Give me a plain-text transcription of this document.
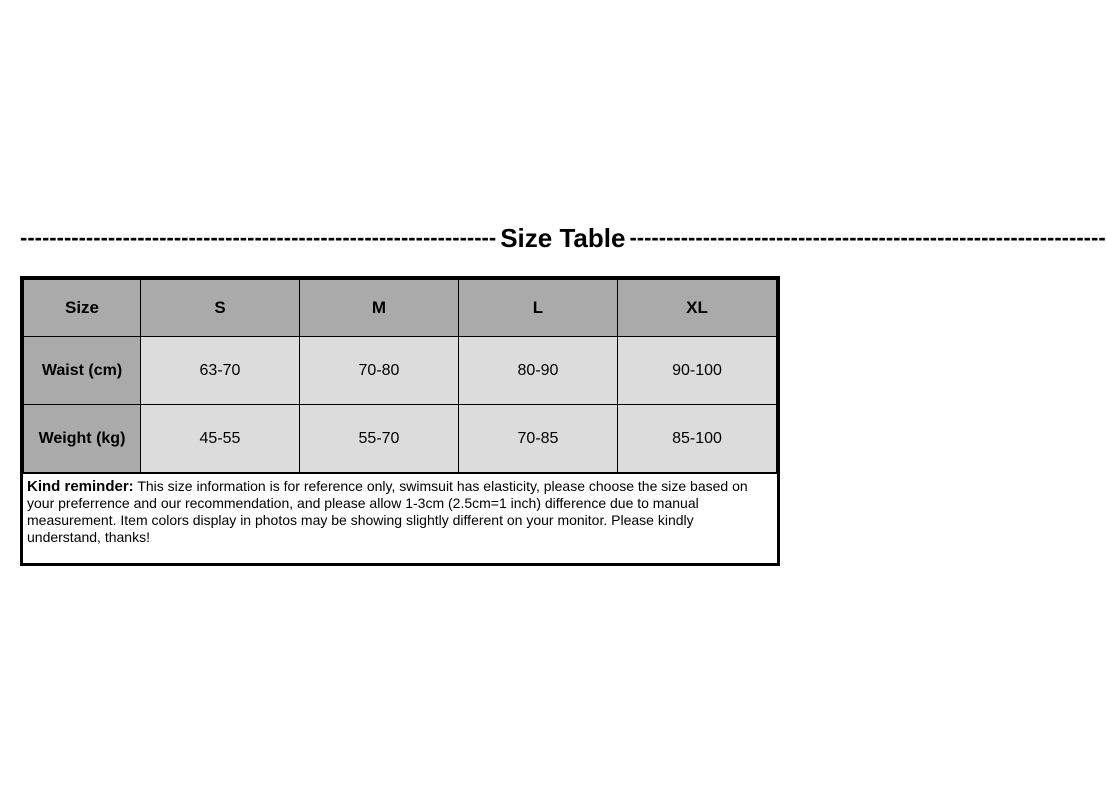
----------------------------------------------------------------- Size Table -----------------------------------------------------------------
Size	S	M	L	XL
Waist (cm)	63-70	70-80	80-90	90-100
Weight (kg)	45-55	55-70	70-85	85-100
Kind reminder: This size information is for reference only, swimsuit has elasticity, please choose the size based on your preferrence and our recommendation, and please allow 1-3cm (2.5cm=1 inch) difference due to manual measurement. Item colors display in photos may be showing slightly different on your monitor. Please kindly understand, thanks!
